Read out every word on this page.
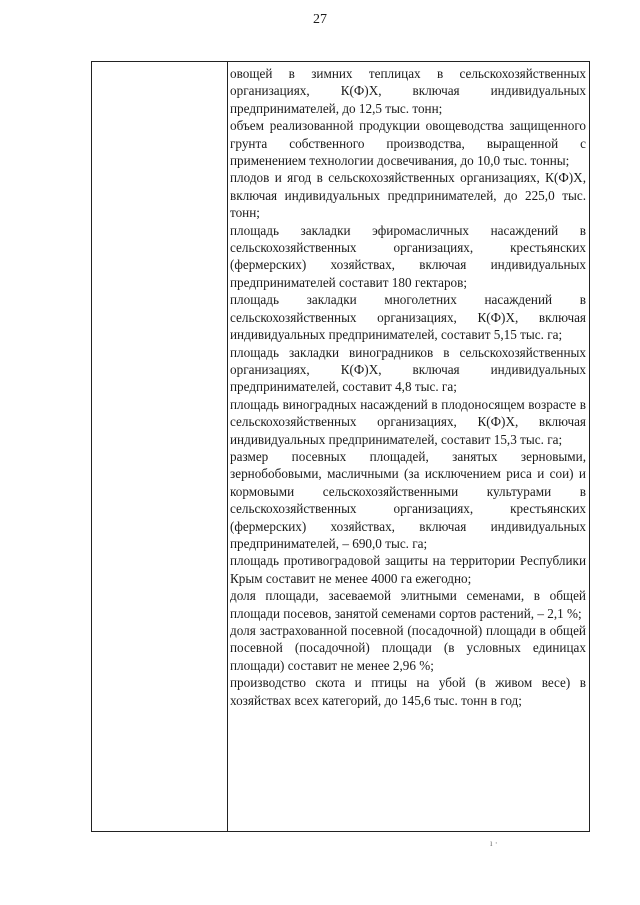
27

овощей в зимних теплицах в сельскохозяйственных организациях, К(Ф)Х, включая индивидуальных предпринимателей, до 12,5 тыс. тонн;

объем реализованной продукции овощеводства защищенного грунта собственного производства, выращенной с применением технологии досвечивания, до 10,0 тыс. тонны;

плодов и ягод в сельскохозяйственных организациях, К(Ф)Х, включая индивидуальных предпринимателей, до 225,0 тыс. тонн;

площадь закладки эфиромасличных насаждений в сельскохозяйственных организациях, крестьянских (фермерских) хозяйствах, включая индивидуальных предпринимателей составит 180 гектаров;

площадь закладки многолетних насаждений в сельскохозяйственных организациях, К(Ф)Х, включая индивидуальных предпринимателей, составит 5,15 тыс. га;

площадь закладки виноградников в сельскохозяйственных организациях, К(Ф)Х, включая индивидуальных предпринимателей, составит 4,8 тыс. га;

площадь виноградных насаждений в плодоносящем возрасте в сельскохозяйственных организациях, К(Ф)Х, включая индивидуальных предпринимателей, составит 15,3 тыс. га;

размер посевных площадей, занятых зерновыми, зернобобовыми, масличными (за исключением риса и сои) и кормовыми сельскохозяйственными культурами в сельскохозяйственных организациях, крестьянских (фермерских) хозяйствах, включая индивидуальных предпринимателей, – 690,0 тыс. га;

площадь противоградовой защиты на территории Республики Крым составит не менее 4000 га ежегодно;

доля площади, засеваемой элитными семенами, в общей площади посевов, занятой семенами сортов растений, – 2,1 %;

доля застрахованной посевной (посадочной) площади в общей посевной (посадочной) площади (в условных единицах площади) составит не менее 2,96 %;

производство скота и птицы на убой (в живом весе) в хозяйствах всех категорий, до 145,6 тыс. тонн в год;

ı ·
